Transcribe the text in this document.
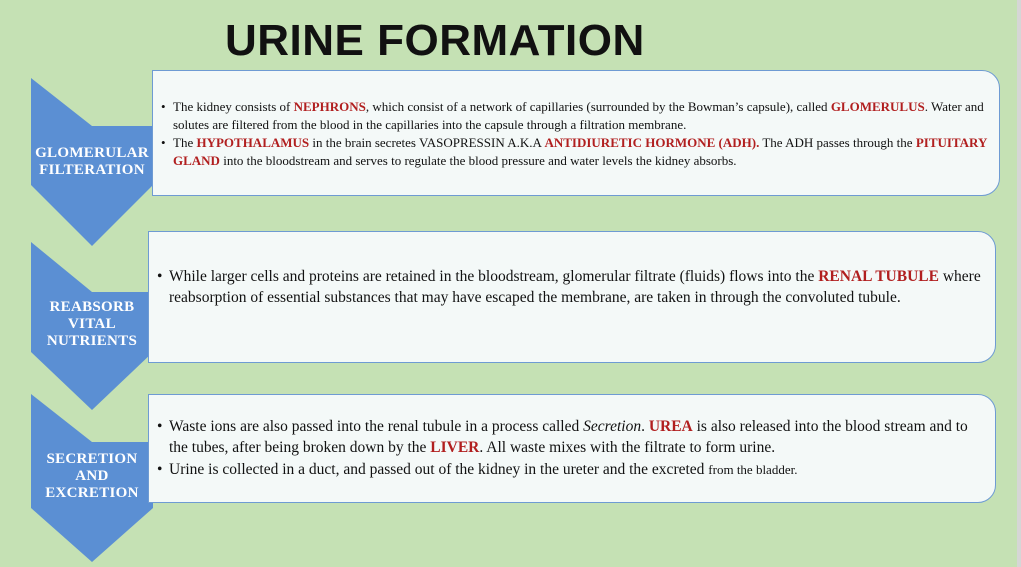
URINE FORMATION

GLOMERULAR
FILTERATION

• The kidney consists of NEPHRONS, which consist of a network of capillaries (surrounded by the Bowman’s capsule), called GLOMERULUS. Water and solutes are filtered from the blood in the capillaries into the capsule through a filtration membrane.
• The HYPOTHALAMUS in the brain secretes VASOPRESSIN A.K.A ANTIDIURETIC HORMONE (ADH). The ADH passes through the PITUITARY GLAND into the bloodstream and serves to regulate the blood pressure and water levels the kidney absorbs.

REABSORB
VITAL
NUTRIENTS

• While larger cells and proteins are retained in the bloodstream, glomerular filtrate (fluids) flows into the RENAL TUBULE where reabsorption of essential substances that may have escaped the membrane, are taken in through the convoluted tubule.

SECRETION
AND
EXCRETION

• Waste ions are also passed into the renal tubule in a process called Secretion. UREA is also released into the blood stream and to the tubes, after being broken down by the LIVER. All waste mixes with the filtrate to form urine.
• Urine is collected in a duct, and passed out of the kidney in the ureter and the excreted from the bladder.
